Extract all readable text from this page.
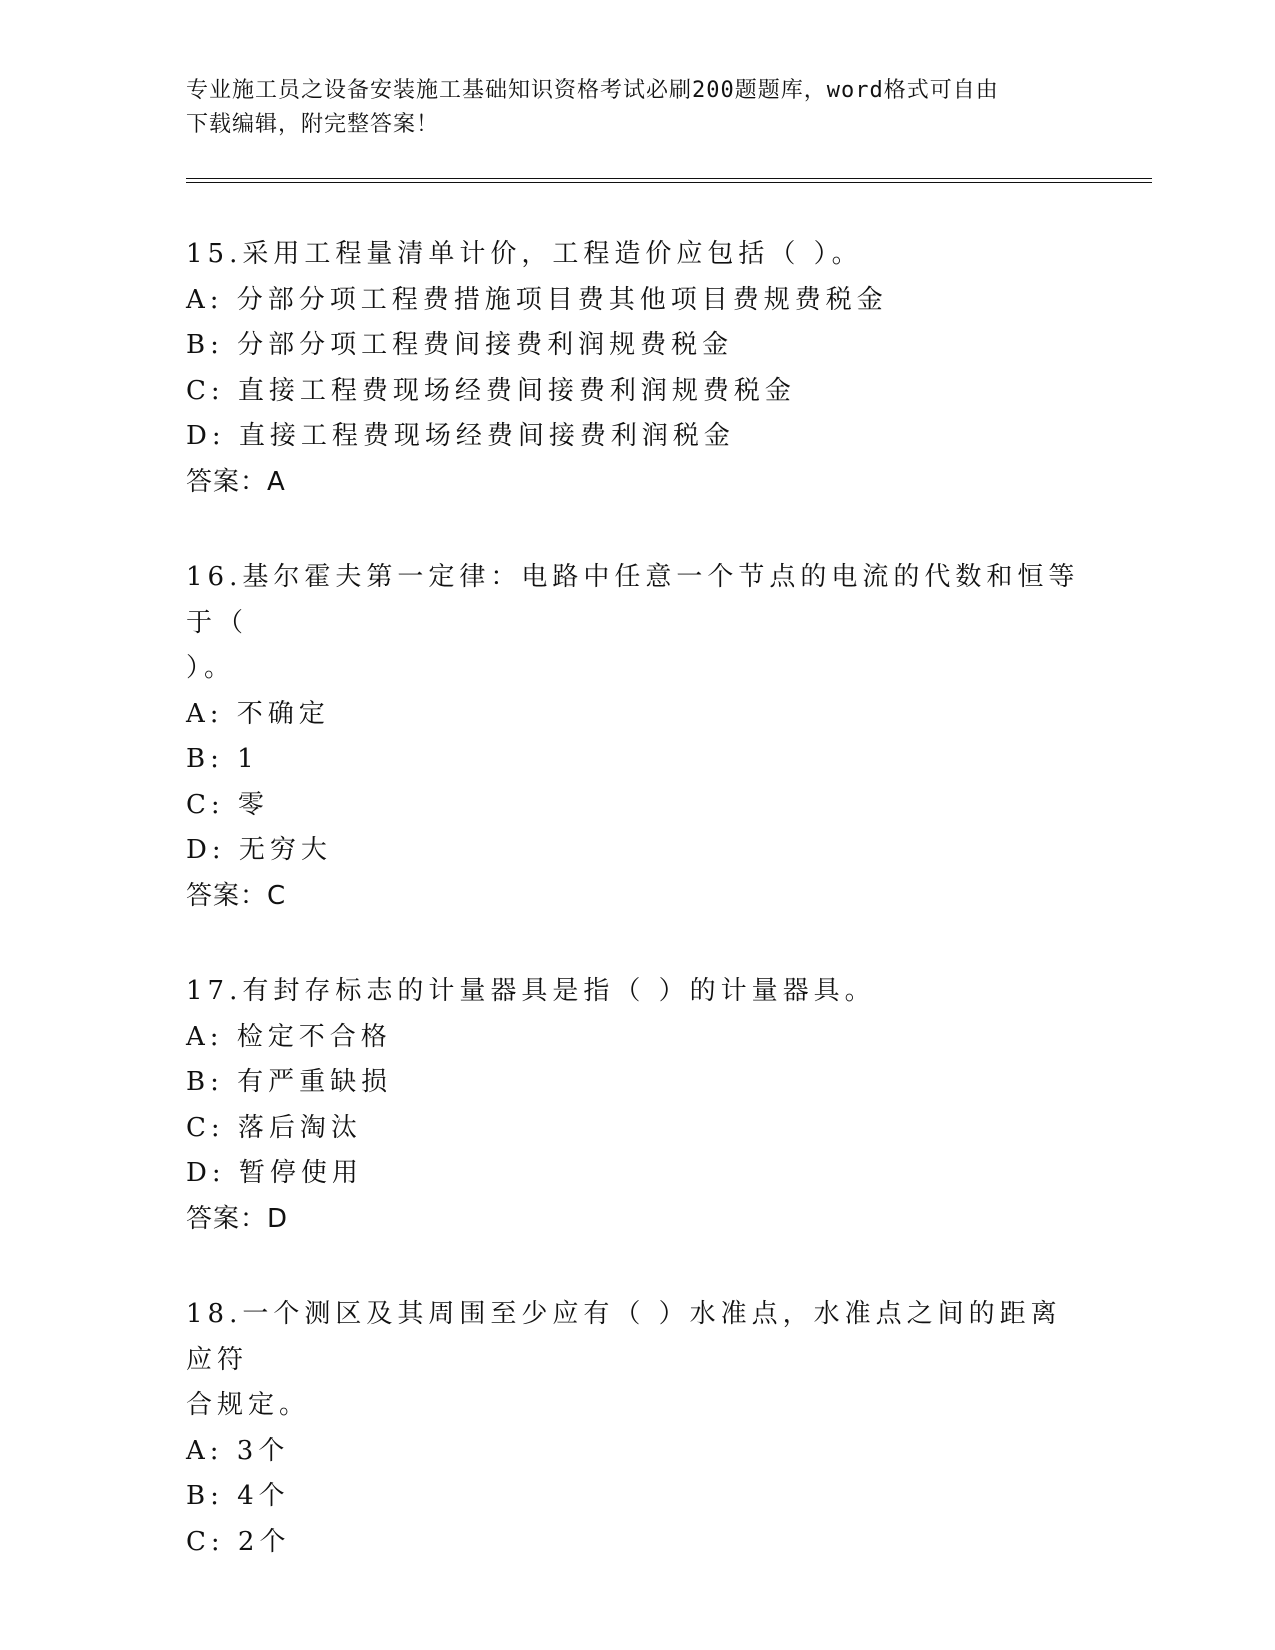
专业施工员之设备安装施工基础知识资格考试必刷200题题库，word格式可自由
下载编辑，附完整答案！

15.采用工程量清单计价，工程造价应包括（ ）。

A: 分部分项工程费措施项目费其他项目费规费税金

B: 分部分项工程费间接费利润规费税金

C: 直接工程费现场经费间接费利润规费税金

D: 直接工程费现场经费间接费利润税金

答案：A

16.基尔霍夫第一定律：电路中任意一个节点的电流的代数和恒等于（

）。

A: 不确定

B: 1

C: 零

D: 无穷大

答案：C

17.有封存标志的计量器具是指（ ）的计量器具。

A: 检定不合格

B: 有严重缺损

C: 落后淘汰

D: 暂停使用

答案：D

18.一个测区及其周围至少应有（ ）水准点，水准点之间的距离应符

合规定。

A: 3个

B: 4个

C: 2个
